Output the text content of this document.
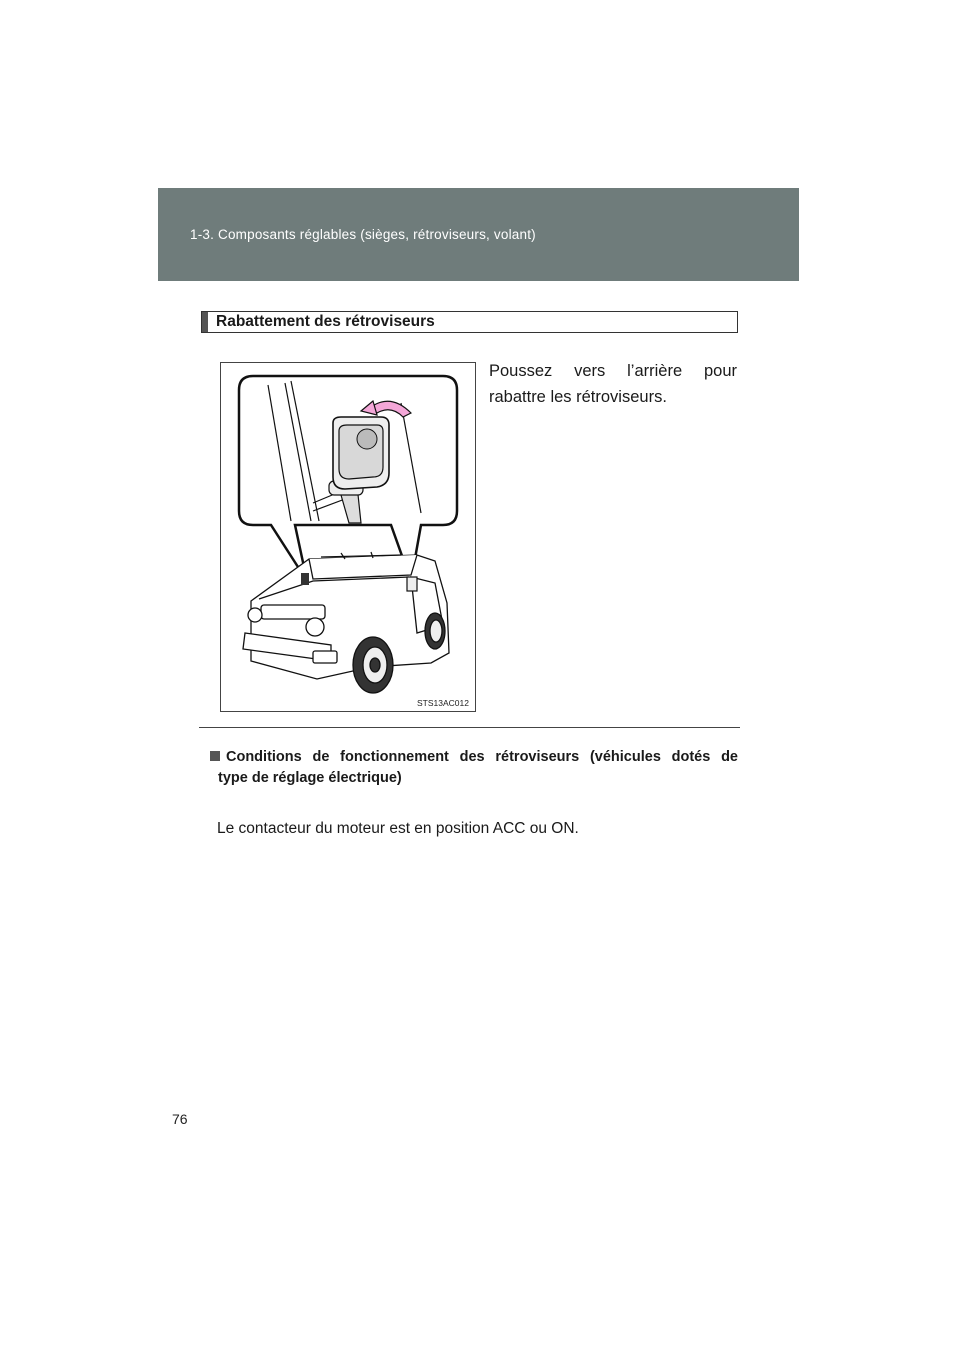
1-3. Composants réglables (sièges, rétroviseurs, volant)
Rabattement des rétroviseurs
STS13AC012
Poussez vers l’arrière pour
rabattre les rétroviseurs.
Conditions de fonctionnement des rétroviseurs (véhicules dotés de
type de réglage électrique)
Le contacteur du moteur est en position ACC ou ON.
76
